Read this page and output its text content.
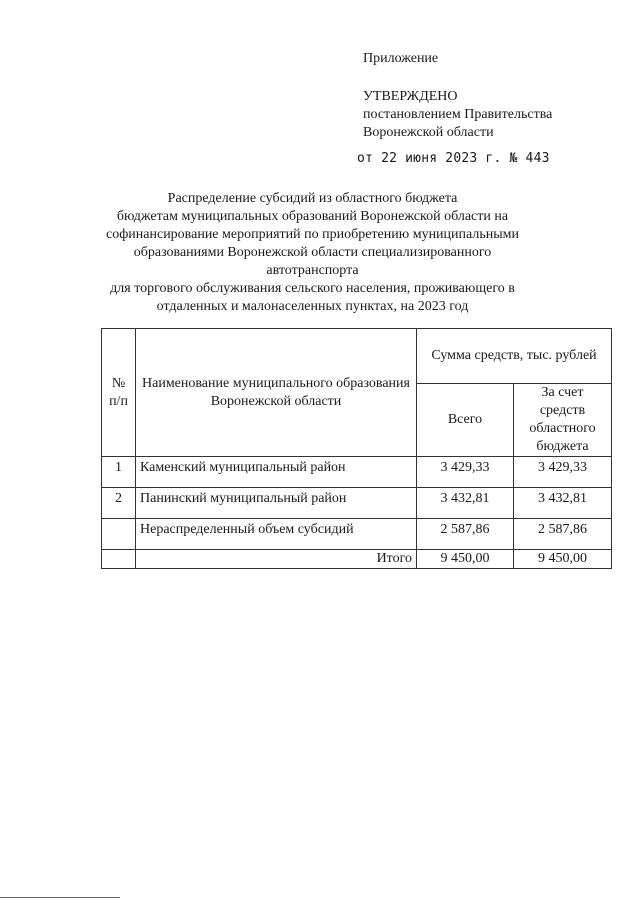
Приложение
УТВЕРЖДЕНО
постановлением Правительства
Воронежской области
от 22 июня 2023 г. № 443
Распределение субсидий из областного бюджета
бюджетам муниципальных образований Воронежской области на
софинансирование мероприятий по приобретению муниципальными
образованиями Воронежской области специализированного автотранспорта
для торгового обслуживания сельского населения, проживающего в
отдаленных и малонаселенных пунктах, на 2023 год
№ п/п	Наименование муниципального образования Воронежской области	Сумма средств, тыс. рублей	
		Всего	За счет средств областного бюджета
1	Каменский муниципальный район	3 429,33	3 429,33
2	Панинский муниципальный район	3 432,81	3 432,81
	Нераспределенный объем субсидий	2 587,86	2 587,86
	Итого	9 450,00	9 450,00
